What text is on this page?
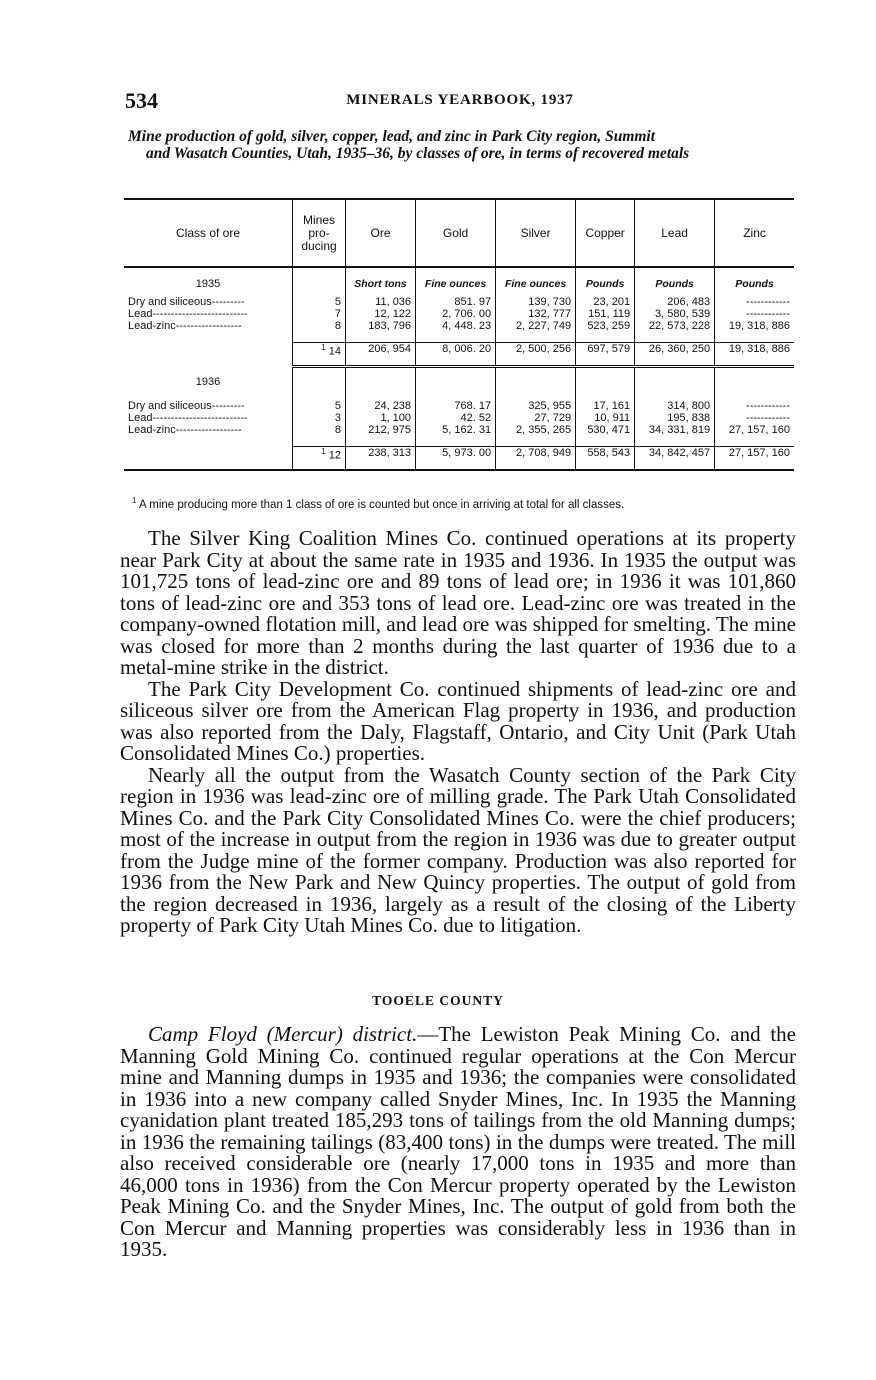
534	MINERALS YEARBOOK, 1937
Mine production of gold, silver, copper, lead, and zinc in Park City region, Summit
and Wasatch Counties, Utah, 1935–36, by classes of ore, in terms of recovered metals
Class of ore	Mines pro- ducing	Ore	Gold	Silver	Copper	Lead	Zinc
1935		Short tons	Fine ounces	Fine ounces	Pounds	Pounds	Pounds
Dry and siliceous---------	5	11, 036	851. 97	139, 730	23, 201	206, 483	------------
Lead--------------------------	7	12, 122	2, 706. 00	132, 777	151, 119	3, 580, 539	------------
Lead-zinc------------------	8	183, 796	4, 448. 23	2, 227, 749	523, 259	22, 573, 228	19, 318, 886
	$^1$ 14	206, 954	8, 006. 20	2, 500, 256	697, 579	26, 360, 250	19, 318, 886
1936							
Dry and siliceous---------	5	24, 238	768. 17	325, 955	17, 161	314, 800	------------
Lead--------------------------	3	1, 100	42. 52	27, 729	10, 911	195, 838	------------
Lead-zinc------------------	8	212, 975	5, 162. 31	2, 355, 265	530, 471	34, 331, 819	27, 157, 160
	$^1$ 12	238, 313	5, 973. 00	2, 708, 949	558, 543	34, 842, 457	27, 157, 160
$^1$ A mine producing more than 1 class of ore is counted but once in arriving at total for all classes.

The Silver King Coalition Mines Co. continued operations at its property near Park City at about the same rate in 1935 and 1936. In 1935 the output was 101,725 tons of lead-zinc ore and 89 tons of lead ore; in 1936 it was 101,860 tons of lead-zinc ore and 353 tons of lead ore. Lead-zinc ore was treated in the company-owned flotation mill, and lead ore was shipped for smelting. The mine was closed for more than 2 months during the last quarter of 1936 due to a metal-mine strike in the district.

The Park City Development Co. continued shipments of lead-zinc ore and siliceous silver ore from the American Flag property in 1936, and production was also reported from the Daly, Flagstaff, Ontario, and City Unit (Park Utah Consolidated Mines Co.) properties.

Nearly all the output from the Wasatch County section of the Park City region in 1936 was lead-zinc ore of milling grade. The Park Utah Consolidated Mines Co. and the Park City Consolidated Mines Co. were the chief producers; most of the increase in output from the region in 1936 was due to greater output from the Judge mine of the former company. Production was also reported for 1936 from the New Park and New Quincy properties. The output of gold from the region decreased in 1936, largely as a result of the closing of the Liberty property of Park City Utah Mines Co. due to litigation.

TOOELE COUNTY

Camp Floyd (Mercur) district.—The Lewiston Peak Mining Co. and the Manning Gold Mining Co. continued regular operations at the Con Mercur mine and Manning dumps in 1935 and 1936; the companies were consolidated in 1936 into a new company called Snyder Mines, Inc. In 1935 the Manning cyanidation plant treated 185,293 tons of tailings from the old Manning dumps; in 1936 the remaining tailings (83,400 tons) in the dumps were treated. The mill also received considerable ore (nearly 17,000 tons in 1935 and more than 46,000 tons in 1936) from the Con Mercur property operated by the Lewiston Peak Mining Co. and the Snyder Mines, Inc. The output of gold from both the Con Mercur and Manning properties was considerably less in 1936 than in 1935.
